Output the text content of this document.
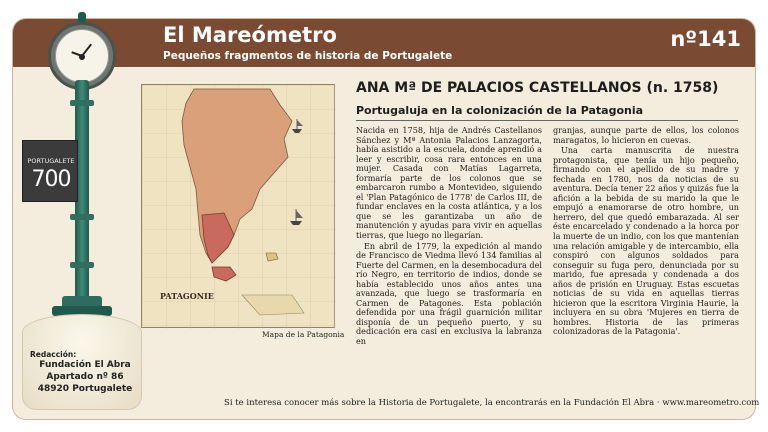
El Mareómetro
Pequeños fragmentos de historia de Portugalete
nº141
PATAGONIE
Mapa de la Patagonia
ANA Mª DE PALACIOS CASTELLANOS (n. 1758)
Portugaluja en la colonización de la Patagonia

Nacida en 1758, hija de Andrés Castellanos Sánchez y Mª Antonia Palacios Lanzagorta, había asistido a la escuela, donde aprendió a leer y escribir, cosa rara entonces en una mujer. Casada con Matías Lagarreta, formaría parte de los colonos que se embarcaron rumbo a Montevideo, siguiendo el 'Plan Patagónico de 1778' de Carlos III, de fundar enclaves en la costa atlántica, y a los que se les garantizaba un año de manutención y ayudas para vivir en aquellas tierras, que luego no llegarían.

En abril de 1779, la expedición al mando de Francisco de Viedma llevó 134 familias al Fuerte del Carmen, en la desembocadura del río Negro, en territorio de indios, donde se había establecido unos años antes una avanzada, que luego se trasformaría en Carmen de Patagones. Esta población defendida por una frágil guarnición militar disponía de un pequeño puerto, y su dedicación era casi en exclusiva la labranza en

granjas, aunque parte de ellos, los colonos maragatos, lo hicieron en cuevas.

Una carta manuscrita de nuestra protagonista, que tenía un hijo pequeño, firmando con el apellido de su madre y fechada en 1780, nos da noticias de su aventura. Decía tener 22 años y quizás fue la afición a la bebida de su marido la que le empujó a enamorarse de otro hombre, un herrero, del que quedó embarazada. Al ser éste encarcelado y condenado a la horca por la muerte de un indio, con los que mantenían una relación amigable y de intercambio, ella conspiró con algunos soldados para conseguir su fuga pero, denunciada por su marido, fue apresada y condenada a dos años de prisión en Uruguay. Estas escuetas noticias de su vida en aquellas tierras hicieron que la escritora Virginia Haurie, la incluyera en su obra 'Mujeres en tierra de hombres. Historia de las primeras colonizadoras de la Patagonia'.

Si te interesa conocer más sobre la Historia de Portugalete, la encontrarás en la Fundación El Abra · www.mareometro.com
PORTUGALETE
700
Redacción:
Fundación El Abra
Apartado nº 86
48920 Portugalete
